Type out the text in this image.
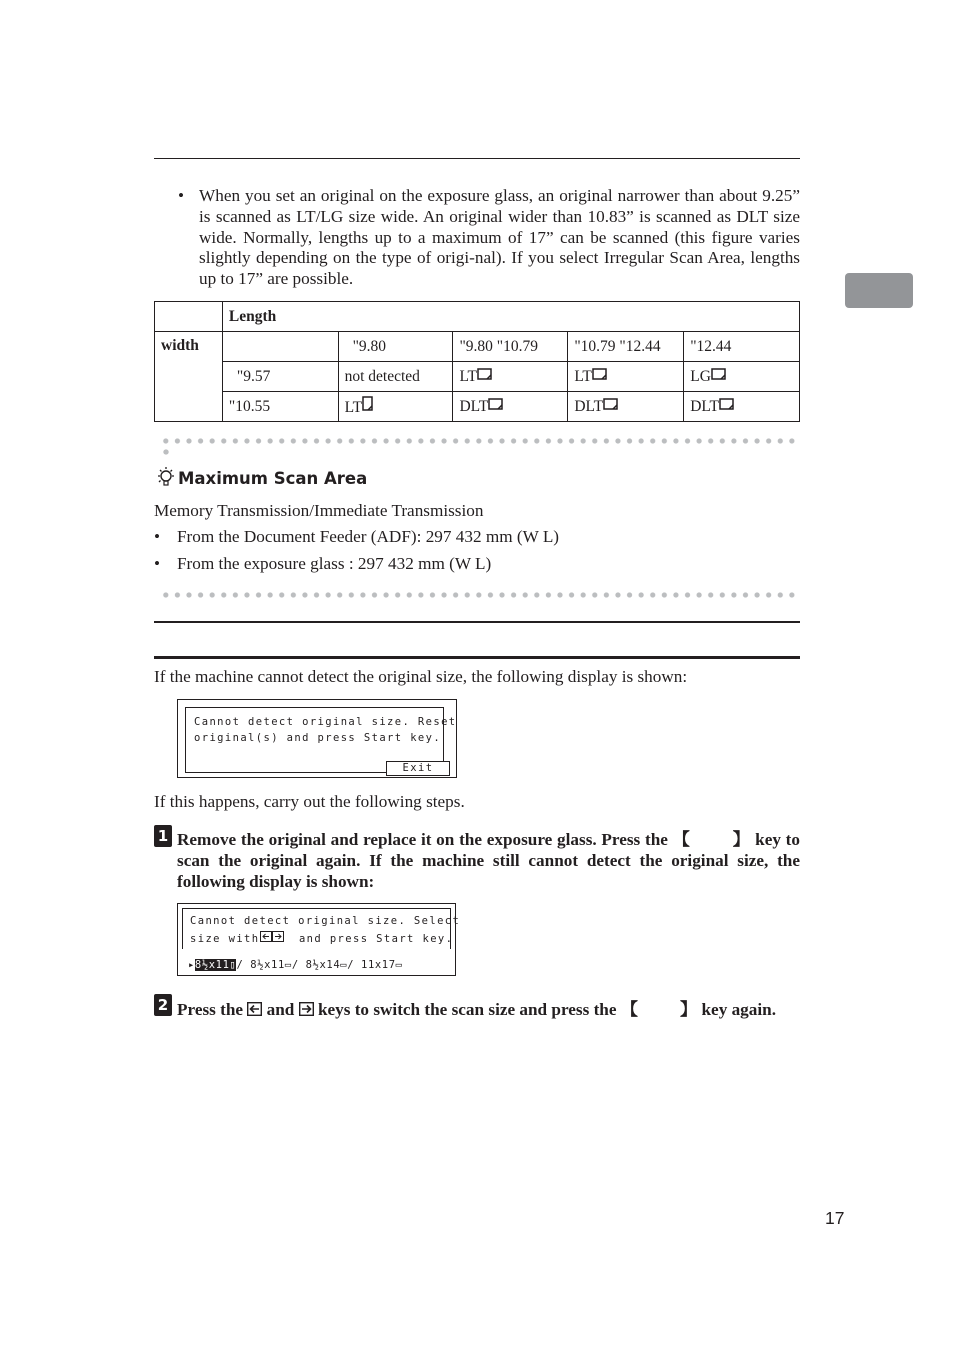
• When you set an original on the exposure glass, an original narrower than about 9.25” is scanned as LT/LG size wide. An original wider than 10.83” is scanned as DLT size wide. Normally, lengths up to a maximum of 17” can be scanned (this figure varies slightly depending on the type of origi-nal). If you select Irregular Scan Area, lengths up to 17” are possible.
	Length				
width		"9.80	"9.80 "10.79	"10.79 "12.44	"12.44
	"9.57	not detected	LT	LT	LG
	"10.55	LT	DLT	DLT	DLT
Maximum Scan Area
Memory Transmission/Immediate Transmission
• From the Document Feeder (ADF): 297 432 mm (W L)
• From the exposure glass : 297 432 mm (W L)
If the machine cannot detect the original size, the following display is shown:
Cannot detect original size. Reset
original(s) and press Start key.
Exit
If this happens, carry out the following steps.
1 Remove the original and replace it on the exposure glass. Press the 【 】 key to scan the original again. If the machine still cannot detect the original size, the following display is shown:
Cannot detect original size. Select
size with  and press Start key.
▸8½x11▯/ 8½x11▭/ 8½x14▭/ 11x17▭
2 Press the and keys to switch the scan size and press the 【 】 key again.
17
